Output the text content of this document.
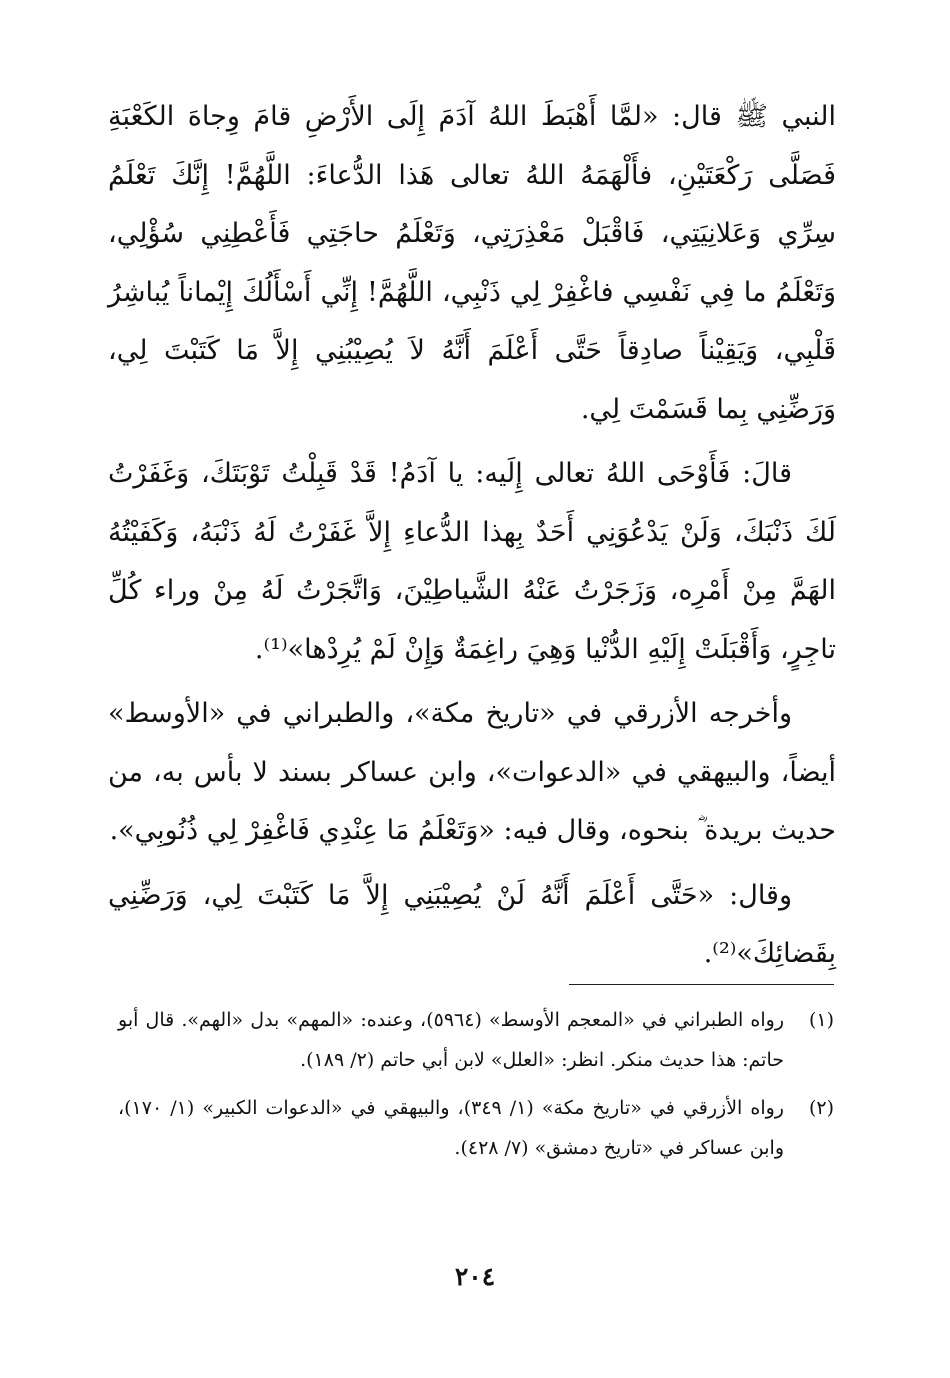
النبي ﷺ قال: «لمَّا أَهْبَطَ اللهُ آدَمَ إِلَى الأَرْضِ قامَ وِجاهَ الكَعْبَةِ فَصَلَّى رَكْعَتَيْنِ، فأَلْهَمَهُ اللهُ تعالى هَذا الدُّعاءَ: اللَّهُمَّ! إِنَّكَ تَعْلَمُ سِرِّي وَعَلانِيَتِي، فَاقْبَلْ مَعْذِرَتِي، وَتَعْلَمُ حاجَتِي فَأَعْطِنِي سُؤْلِي، وَتَعْلَمُ ما فِي نَفْسِي فاغْفِرْ لِي ذَنْبِي، اللَّهُمَّ! إِنِّي أَسْأَلُكَ إِيْماناً يُباشِرُ قَلْبِي، وَيَقِيْناً صادِقاً حَتَّى أَعْلَمَ أَنَّهُ لاَ يُصِيْبُنِي إِلاَّ مَا كَتَبْتَ لِي، وَرَضِّنِي بِما قَسَمْتَ لِي.

قالَ: فَأَوْحَى اللهُ تعالى إِلَيه: يا آدَمُ! قَدْ قَبِلْتُ تَوْبَتَكَ، وَغَفَرْتُ لَكَ ذَنْبَكَ، وَلَنْ يَدْعُوَنِي أَحَدٌ بِهذا الدُّعاءِ إِلاَّ غَفَرْتُ لَهُ ذَنْبَهُ، وَكَفَيْتُهُ الهَمَّ مِنْ أَمْرِه، وَزَجَرْتُ عَنْهُ الشَّياطِيْنَ، وَاتَّجَرْتُ لَهُ مِنْ وراء كُلِّ تاجِرٍ، وَأَقْبَلَتْ إِلَيْهِ الدُّنْيا وَهِيَ راغِمَةٌ وَإِنْ لَمْ يُرِدْها»⁽¹⁾.

وأخرجه الأزرقي في «تاريخ مكة»، والطبراني في «الأوسط» أيضاً، والبيهقي في «الدعوات»، وابن عساكر بسند لا بأس به، من حديث بريدة ؓ بنحوه، وقال فيه: «وَتَعْلَمُ مَا عِنْدِي فَاغْفِرْ لِي ذُنُوبِي».

وقال: «حَتَّى أَعْلَمَ أَنَّهُ لَنْ يُصِيْبَنِي إِلاَّ مَا كَتَبْتَ لِي، وَرَضِّنِي بِقَضائِكَ»⁽²⁾.

(١)
رواه الطبراني في «المعجم الأوسط» (٥٩٦٤)، وعنده: «المهم» بدل «الهم». قال أبو حاتم: هذا حديث منكر. انظر: «العلل» لابن أبي حاتم (٢/ ١٨٩).
(٢)
رواه الأزرقي في «تاريخ مكة» (١/ ٣٤٩)، والبيهقي في «الدعوات الكبير» (١/ ١٧٠)، وابن عساكر في «تاريخ دمشق» (٧/ ٤٢٨).
٢٠٤
